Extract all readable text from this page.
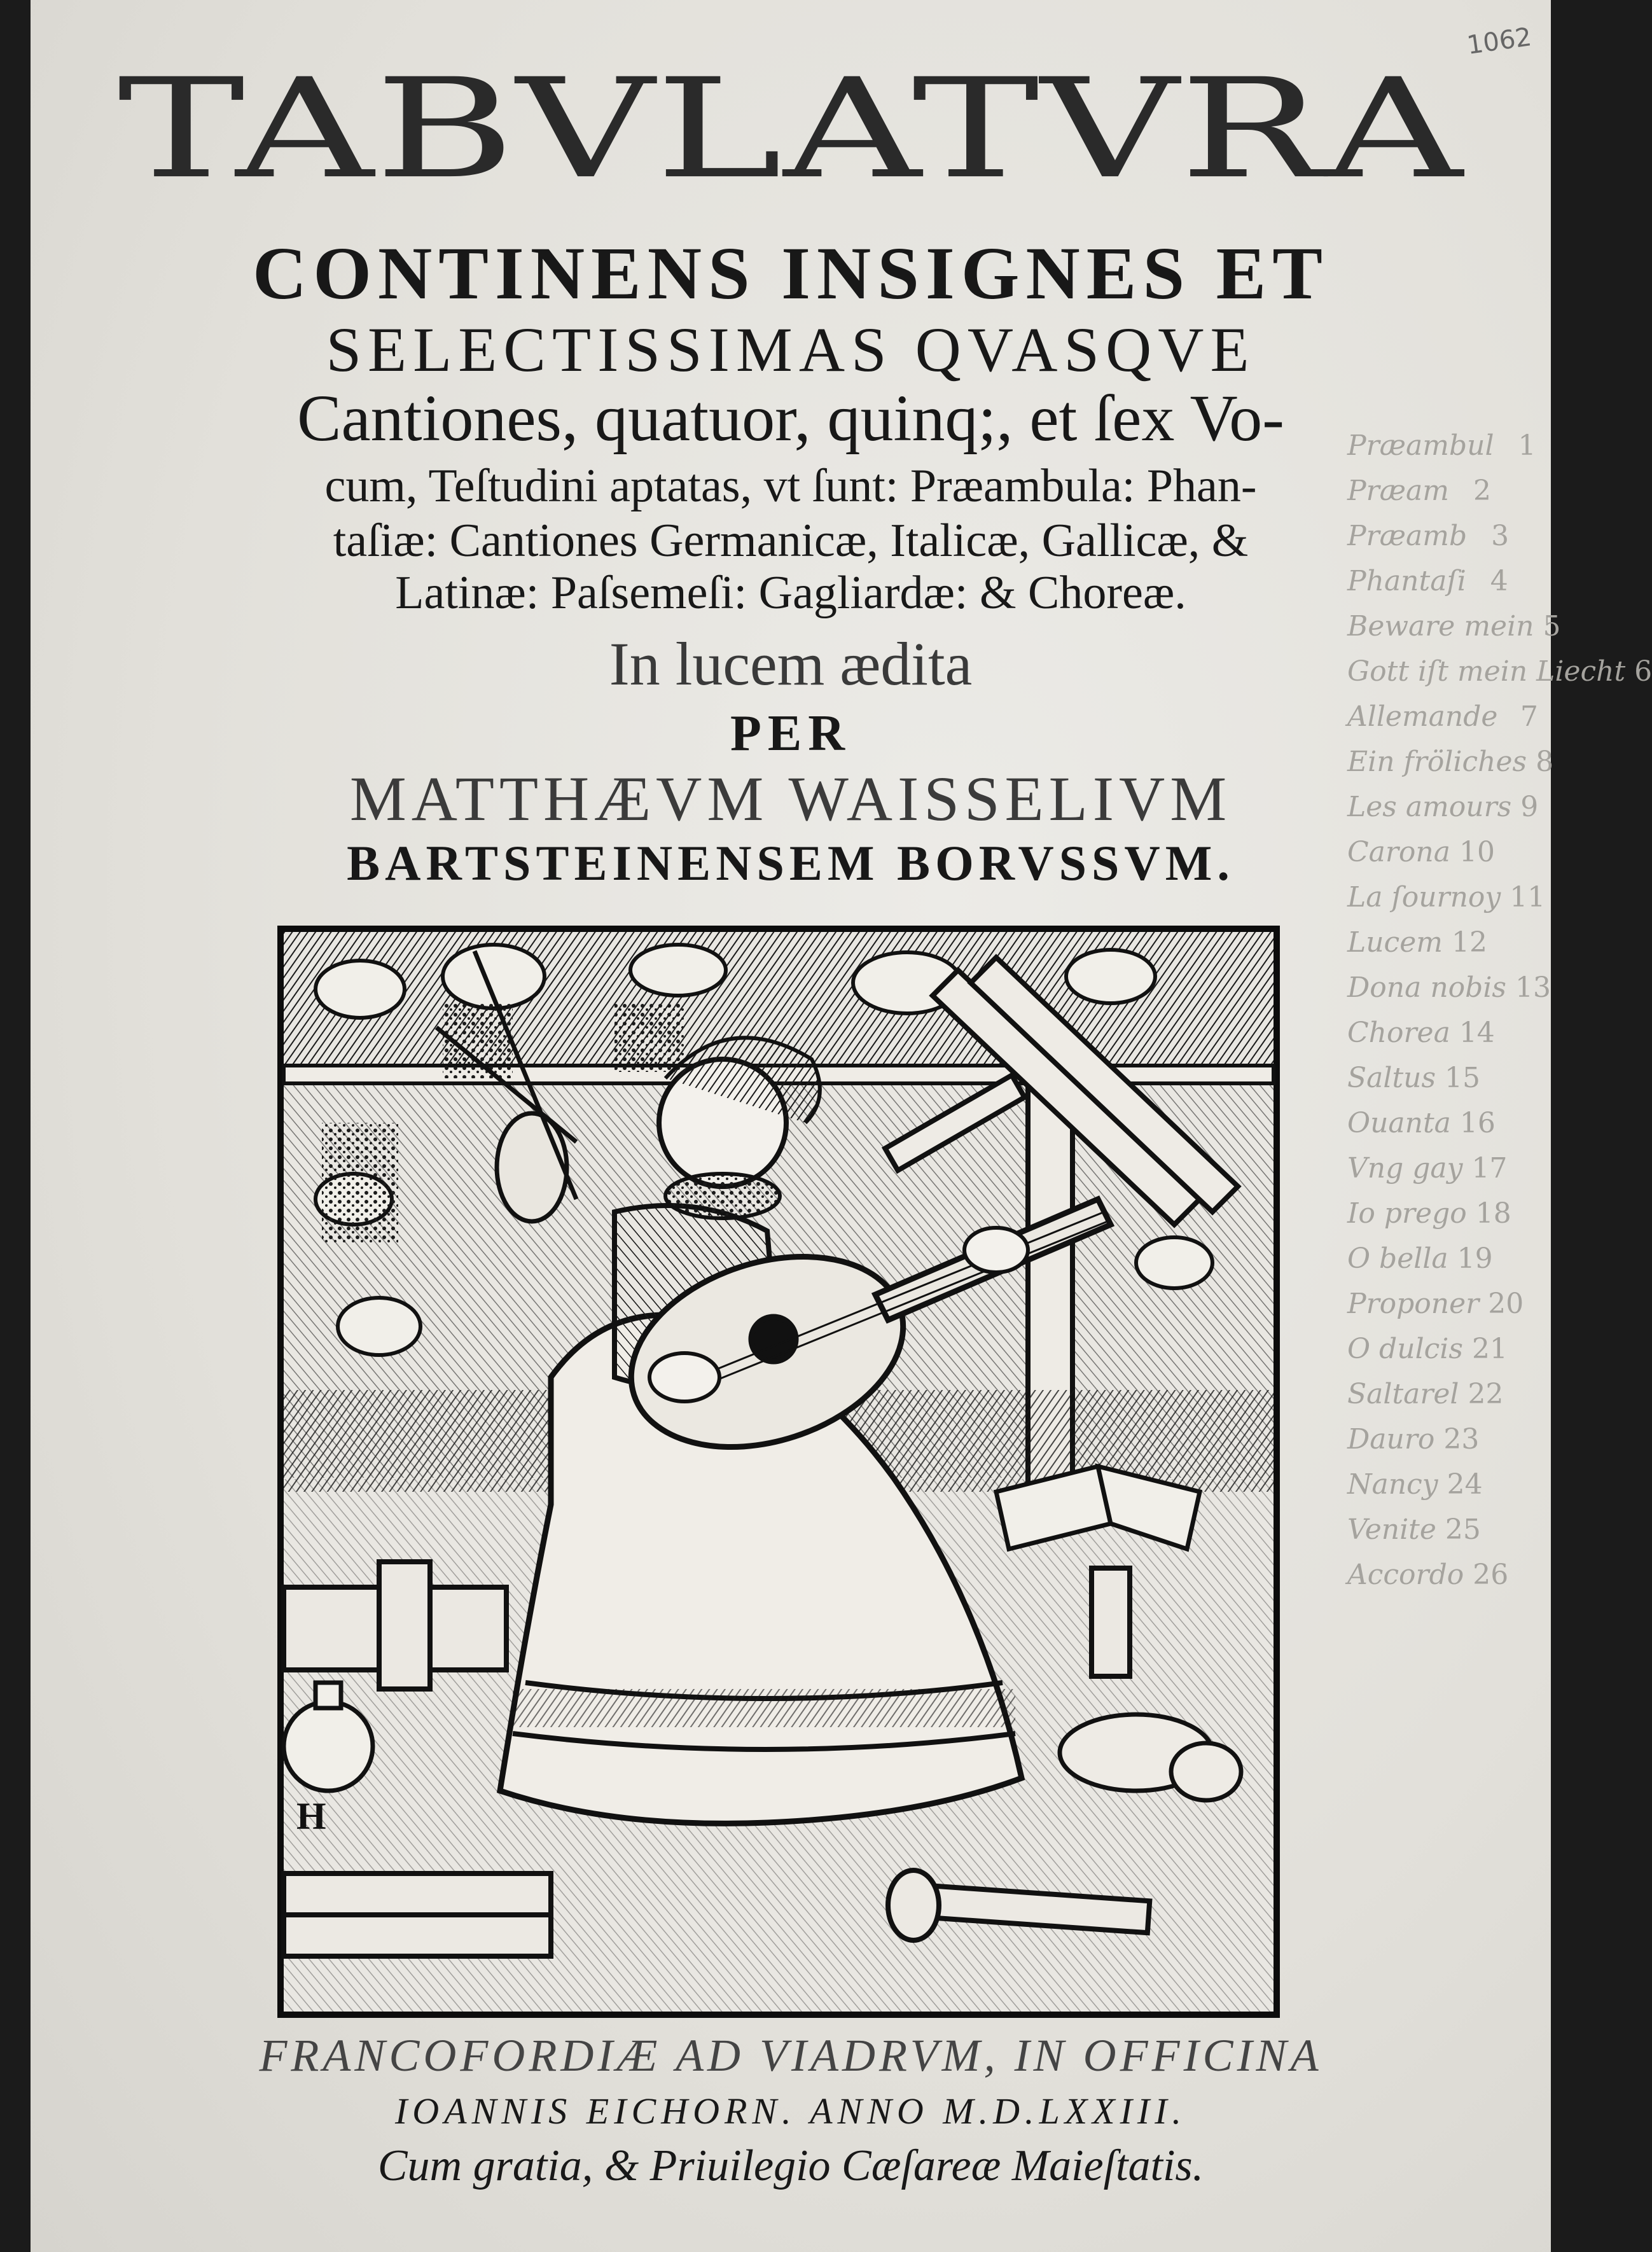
1062
Præambul 1
Præam 2
Præamb 3
Phantaſi 4
Beware mein 5
Gott iſt mein Liecht 6
Allemande 7
Ein fröliches 8
Les amours 9
Carona 10
La ſournoy 11
Lucem 12
Dona nobis 13
Chorea 14
Saltus 15
Ouanta 16
Vng gay 17
Io prego 18
O bella 19
Proponer 20
O dulcis 21
Saltarel 22
Dauro 23
Nancy 24
Venite 25
Accordo 26
TABVLATVRA
CONTINENS INSIGNES ET
SELECTISSIMAS QVASQVE
Cantiones, quatuor, quinq;, et ſex Vo-
cum, Teſtudini aptatas, vt ſunt: Præambula: Phan-
taſiæ: Cantiones Germanicæ, Italicæ, Gallicæ, &
Latinæ: Paſsemeſi: Gagliardæ: & Choreæ.
In lucem ædita
PER
MATTHÆVM WAISSELIVM
BARTSTEINENSEM BORVSSVM.
H
FRANCOFORDIÆ AD VIADRVM, IN OFFICINA
IOANNIS EICHORN. ANNO M.D.LXXIII.
Cum gratia, & Priuilegio Cæſareæ Maieſtatis.
